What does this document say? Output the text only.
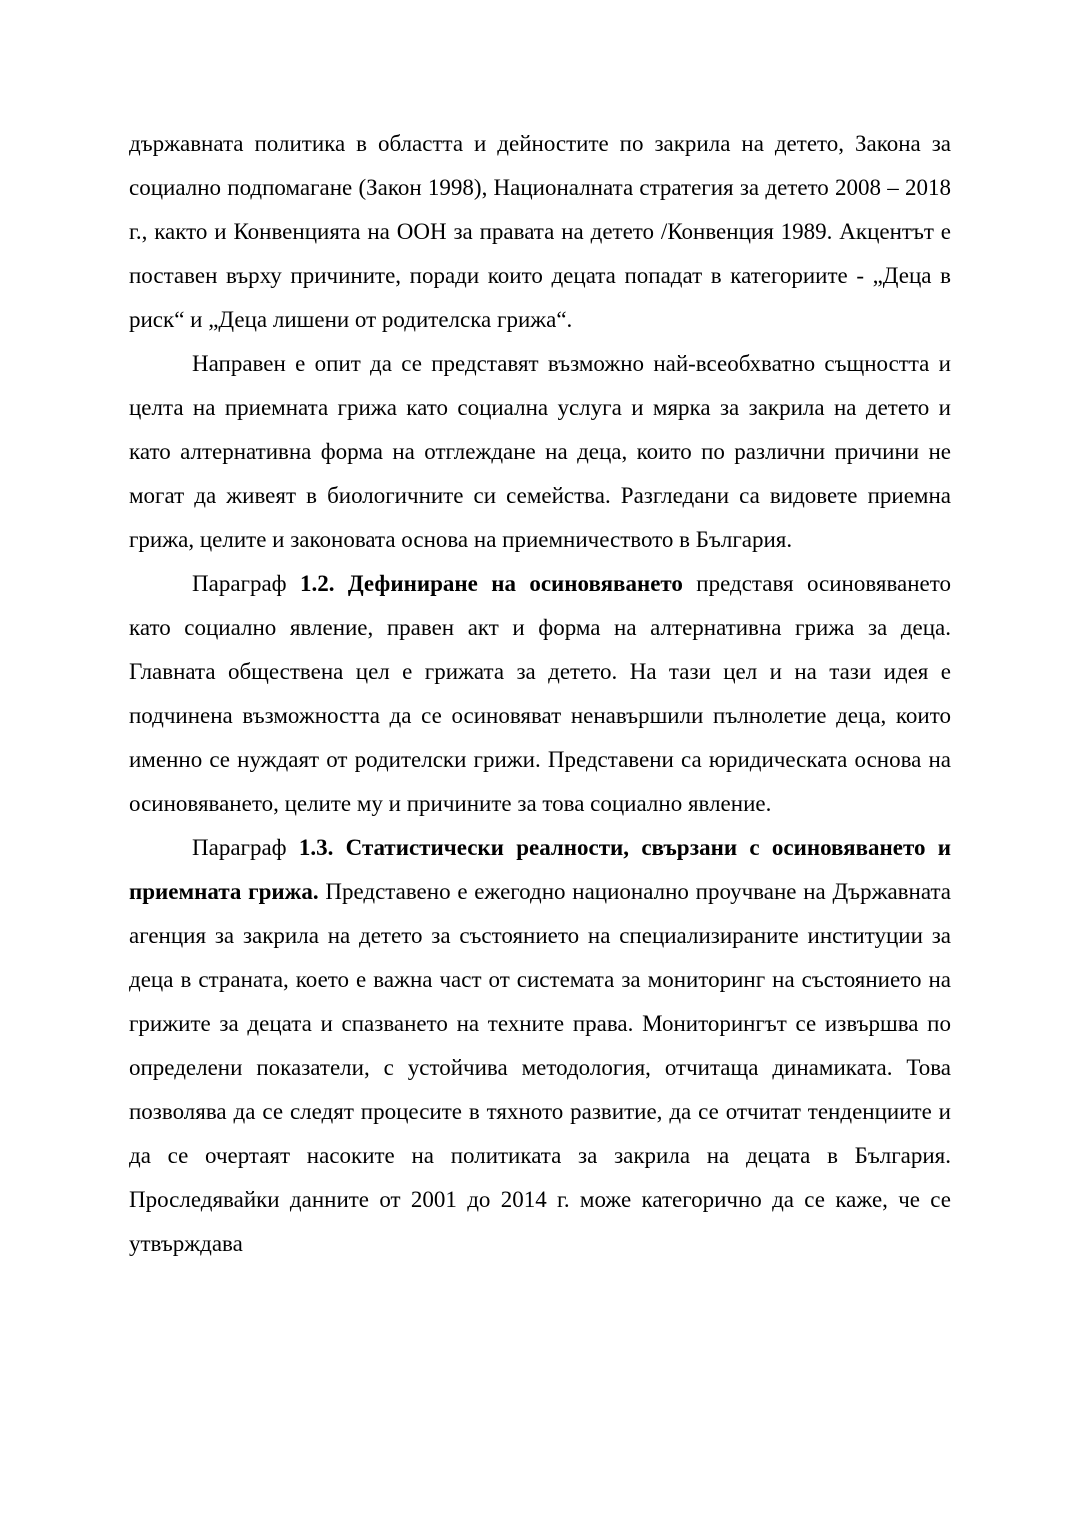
държавната политика в областта и дейностите по закрила на детето, Закона за социално подпомагане (Закон 1998), Националната стратегия за детето 2008 – 2018 г., както и Конвенцията на ООН за правата на детето /Конвенция 1989. Акцентът е поставен върху причините, поради които децата попадат в категориите - „Деца в риск“ и „Деца лишени от родителска грижа“.

Направен е опит да се представят възможно най-всеобхватно същността и целта на приемната грижа като социална услуга и мярка за закрила на детето и като алтернативна форма на отглеждане на деца, които по различни причини не могат да живеят в биологичните си семейства. Разгледани са видовете приемна грижа, целите и законовата основа на приемничеството в България.

Параграф 1.2. Дефиниране на осиновяването представя осиновяването като социално явление, правен акт и форма на алтернативна грижа за деца. Главната обществена цел е грижата за детето. На тази цел и на тази идея е подчинена възможността да се осиновяват ненавършили пълнолетие деца, които именно се нуждаят от родителски грижи. Представени са юридическата основа на осиновяването, целите му и причините за това социално явление.

Параграф 1.3. Статистически реалности, свързани с осиновяването и приемната грижа. Представено е ежегодно национално проучване на Държавната агенция за закрила на детето за състоянието на специализираните институции за деца в страната, което е важна част от системата за мониторинг на състоянието на грижите за децата и спазването на техните права. Мониторингът се извършва по определени показатели, с устойчива методология, отчитаща динамиката. Това позволява да се следят процесите в тяхното развитие, да се отчитат тенденциите и да се очертаят насоките на политиката за закрила на децата в България. Проследявайки данните от 2001 до 2014 г. може категорично да се каже, че се утвърждава
